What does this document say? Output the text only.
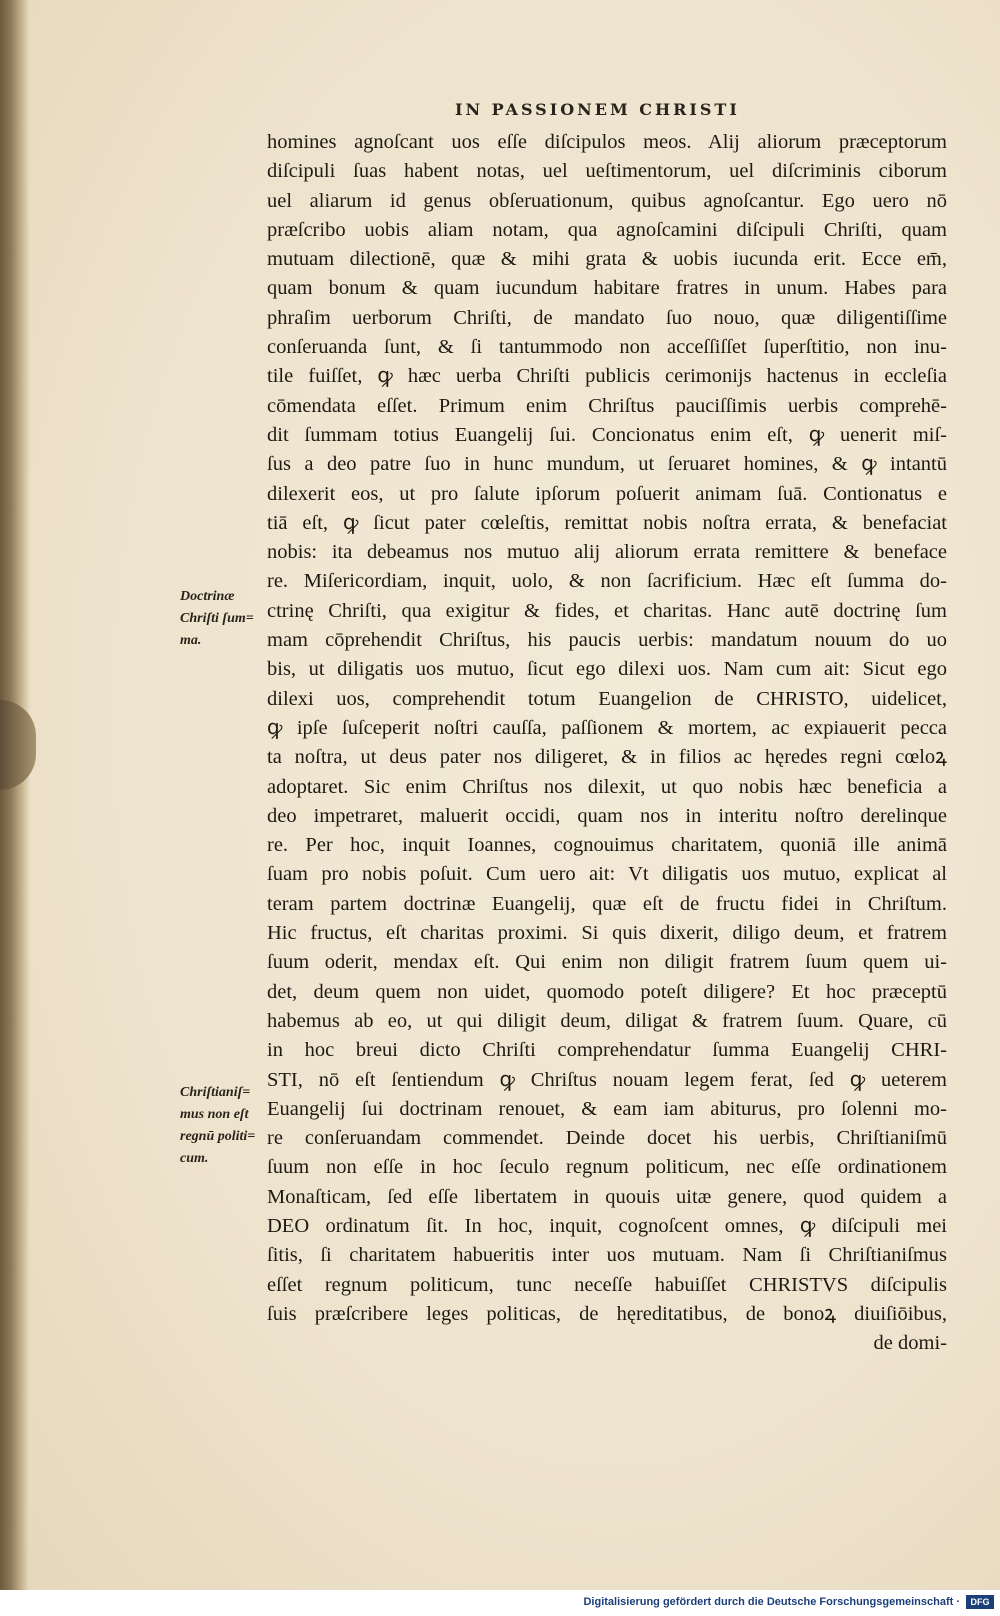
IN PASSIONEM CHRISTI
Doctrinæ
Chriſti ſum=
ma.
Chriſtianiſ=
mus non eſt
regnū politi=
cum.
homines agnoſcant uos eſſe diſcipulos meos. Alij aliorum præceptorum
diſcipuli ſuas habent notas, uel ueſtimentorum, uel diſcriminis ciborum
uel aliarum id genus obſeruationum, quibus agnoſcantur. Ego uero nō
præſcribo uobis aliam notam, qua agnoſcamini diſcipuli Chriſti, quam
mutuam dilectionē, quæ & mihi grata & uobis iucunda erit. Ecce em̄,
quam bonum & quam iucundum habitare fratres in unum. Habes para
phraſim uerborum Chriſti, de mandato ſuo nouo, quæ diligentiſſime
conſeruanda ſunt, & ſi tantummodo non acceſſiſſet ſuperſtitio, non inu-
tile fuiſſet, ꝙ hæc uerba Chriſti publicis cerimonijs hactenus in eccleſia
cōmendata eſſet. Primum enim Chriſtus pauciſſimis uerbis comprehē-
dit ſummam totius Euangelij ſui. Concionatus enim eſt, ꝙ uenerit miſ-
ſus a deo patre ſuo in hunc mundum, ut ſeruaret homines, & ꝙ intantū
dilexerit eos, ut pro ſalute ipſorum poſuerit animam ſuā. Contionatus e
tiā eſt, ꝙ ſicut pater cœleſtis, remittat nobis noſtra errata, & benefaciat
nobis: ita debeamus nos mutuo alij aliorum errata remittere & beneface
re. Miſericordiam, inquit, uolo, & non ſacrificium. Hæc eſt ſumma do-
ctrinę Chriſti, qua exigitur & fides, et charitas. Hanc autē doctrinę ſum
mam cōprehendit Chriſtus, his paucis uerbis: mandatum nouum do uo
bis, ut diligatis uos mutuo, ſicut ego dilexi uos. Nam cum ait: Sicut ego
dilexi uos, comprehendit totum Euangelion de CHRISTO, uidelicet,
ꝙ ipſe ſuſceperit noſtri cauſſa, paſſionem & mortem, ac expiauerit pecca
ta noſtra, ut deus pater nos diligeret, & in filios ac hęredes regni cœloꝝ
adoptaret. Sic enim Chriſtus nos dilexit, ut quo nobis hæc beneficia a
deo impetraret, maluerit occidi, quam nos in interitu noſtro derelinque
re. Per hoc, inquit Ioannes, cognouimus charitatem, quoniā ille animā
ſuam pro nobis poſuit. Cum uero ait: Vt diligatis uos mutuo, explicat al
teram partem doctrinæ Euangelij, quæ eſt de fructu fidei in Chriſtum.
Hic fructus, eſt charitas proximi. Si quis dixerit, diligo deum, et fratrem
ſuum oderit, mendax eſt. Qui enim non diligit fratrem ſuum quem ui-
det, deum quem non uidet, quomodo poteſt diligere? Et hoc præceptū
habemus ab eo, ut qui diligit deum, diligat & fratrem ſuum. Quare, cū
in hoc breui dicto Chriſti comprehendatur ſumma Euangelij CHRI-
STI, nō eſt ſentiendum ꝙ Chriſtus nouam legem ferat, ſed ꝙ ueterem
Euangelij ſui doctrinam renouet, & eam iam abiturus, pro ſolenni mo-
re conſeruandam commendet. Deinde docet his uerbis, Chriſtianiſmū
ſuum non eſſe in hoc ſeculo regnum politicum, nec eſſe ordinationem
Monaſticam, ſed eſſe libertatem in quouis uitæ genere, quod quidem a
DEO ordinatum ſit. In hoc, inquit, cognoſcent omnes, ꝙ diſcipuli mei
ſitis, ſi charitatem habueritis inter uos mutuam. Nam ſi Chriſtianiſmus
eſſet regnum politicum, tunc neceſſe habuiſſet CHRISTVS diſcipulis
ſuis præſcribere leges politicas, de hęreditatibus, de bonoꝝ diuiſiōibus,
de domi-
Digitalisierung gefördert durch die Deutsche Forschungsgemeinschaft ·	DFG
